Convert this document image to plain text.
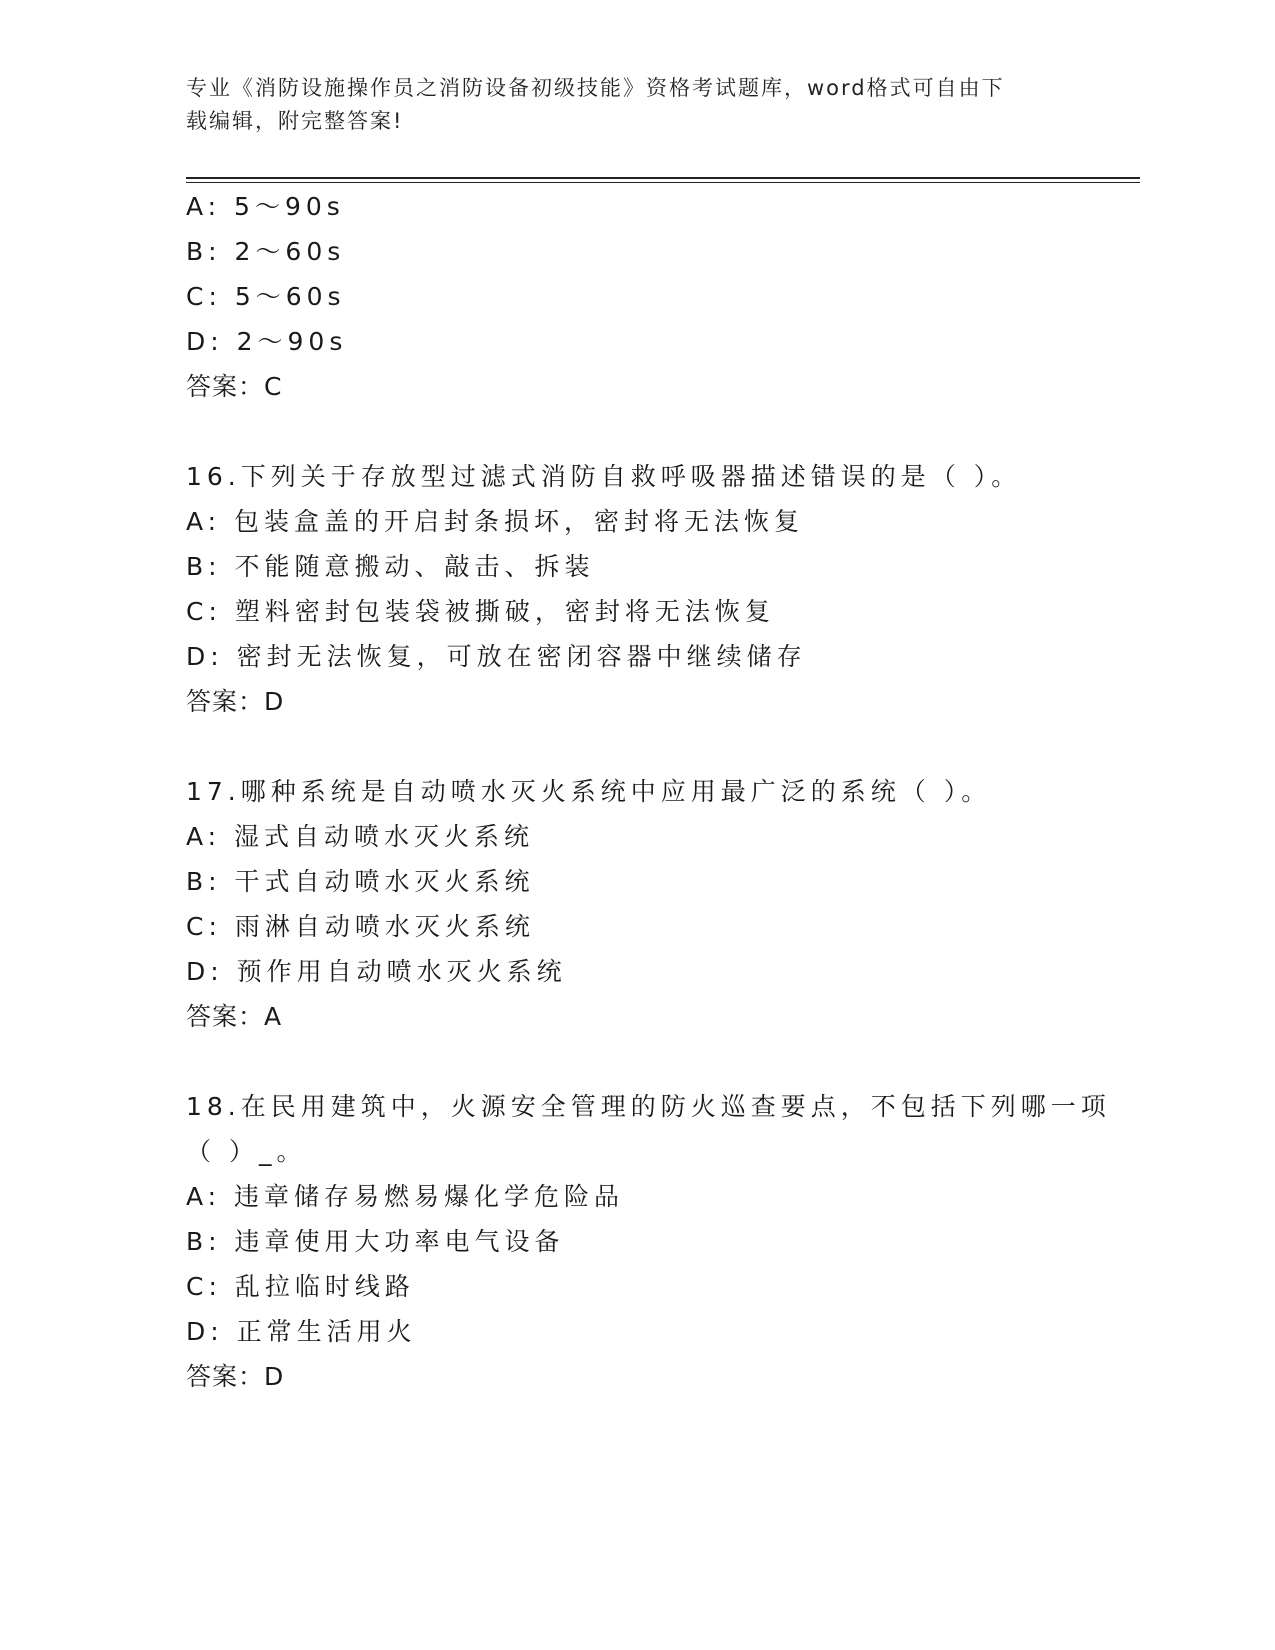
专业《消防设施操作员之消防设备初级技能》资格考试题库，word格式可自由下
载编辑，附完整答案!
A: 5～90s
B: 2～60s
C: 5～60s
D: 2～90s
答案：C
16.下列关于存放型过滤式消防自救呼吸器描述错误的是（ ）。
A: 包装盒盖的开启封条损坏，密封将无法恢复
B: 不能随意搬动、敲击、拆装
C: 塑料密封包装袋被撕破，密封将无法恢复
D: 密封无法恢复，可放在密闭容器中继续储存
答案：D
17.哪种系统是自动喷水灭火系统中应用最广泛的系统（ ）。
A: 湿式自动喷水灭火系统
B: 干式自动喷水灭火系统
C: 雨淋自动喷水灭火系统
D: 预作用自动喷水灭火系统
答案：A
18.在民用建筑中，火源安全管理的防火巡查要点，不包括下列哪一项
（ ）_。
A: 违章储存易燃易爆化学危险品
B: 违章使用大功率电气设备
C: 乱拉临时线路
D: 正常生活用火
答案：D
